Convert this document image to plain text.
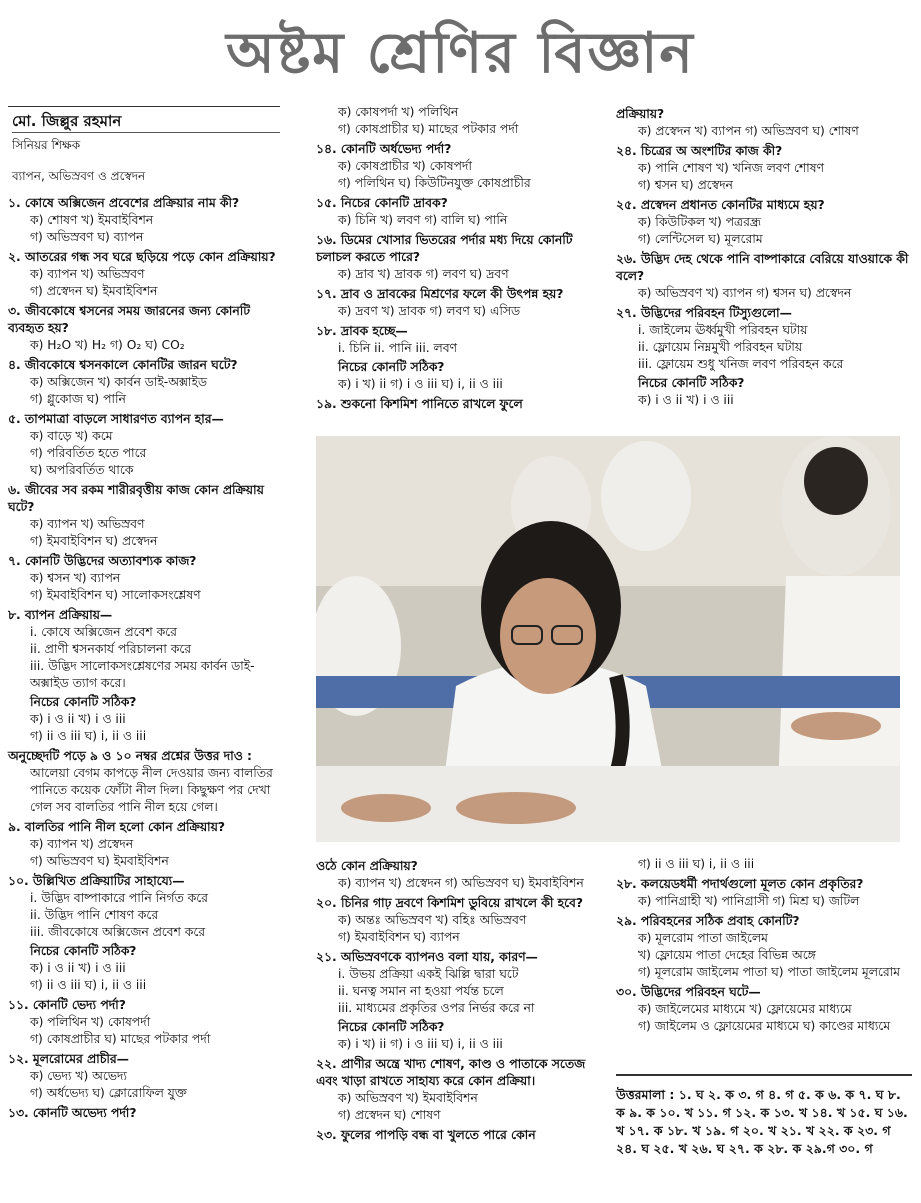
অষ্টম শ্রেণির বিজ্ঞান
মো. জিল্লুর রহমান
সিনিয়র শিক্ষক
ব্যাপন, অভিস্রবণ ও প্রস্বেদন
১. কোষে অক্সিজেন প্রবেশের প্রক্রিয়ার নাম কী?
ক) শোষণ খ) ইমবাইবিশন
গ) অভিস্রবণ ঘ) ব্যাপন
২. আতরের গন্ধ সব ঘরে ছড়িয়ে পড়ে কোন প্রক্রিয়ায়?
ক) ব্যাপন খ) অভিস্রবণ
গ) প্রস্বেদন ঘ) ইমবাইবিশন
৩. জীবকোষে শ্বসনের সময় জারনের জন্য কোনটি ব্যবহৃত হয়?
ক) H₂O খ) H₂ গ) O₂ ঘ) CO₂
৪. জীবকোষে শ্বসনকালে কোনটির জারন ঘটে?
ক) অক্সিজেন খ) কার্বন ডাই-অক্সাইড
গ) গ্লুকোজ ঘ) পানি
৫. তাপমাত্রা বাড়লে সাধারণত ব্যাপন হার—
ক) বাড়ে খ) কমে
গ) পরিবর্তিত হতে পারে
ঘ) অপরিবর্তিত থাকে
৬. জীবের সব রকম শারীরবৃত্তীয় কাজ কোন প্রক্রিয়ায় ঘটে?
ক) ব্যাপন খ) অভিস্রবণ
গ) ইমবাইবিশন ঘ) প্রস্বেদন
৭. কোনটি উদ্ভিদের অত্যাবশ্যক কাজ?
ক) শ্বসন খ) ব্যাপন
গ) ইমবাইবিশন ঘ) সালোকসংশ্লেষণ
৮. ব্যাপন প্রক্রিয়ায়—
i. কোষে অক্সিজেন প্রবেশ করে
ii. প্রাণী শ্বসনকার্য পরিচালনা করে
iii. উদ্ভিদ সালোকসংশ্লেষণের সময় কার্বন ডাই-অক্সাইড ত্যাগ করে।
নিচের কোনটি সঠিক?
ক) i ও ii খ) i ও iii
গ) ii ও iii ঘ) i, ii ও iii
অনুচ্ছেদটি পড়ে ৯ ও ১০ নম্বর প্রশ্নের উত্তর দাও :
আলেয়া বেগম কাপড়ে নীল দেওয়ার জন্য বালতির পানিতে কয়েক ফোঁটা নীল দিল। কিছুক্ষণ পর দেখা গেল সব বালতির পানি নীল হয়ে গেল।
৯. বালতির পানি নীল হলো কোন প্রক্রিয়ায়?
ক) ব্যাপন খ) প্রস্বেদন
গ) অভিস্রবণ ঘ) ইমবাইবিশন
১০. উল্লিখিত প্রক্রিয়াটির সাহায্যে—
i. উদ্ভিদ বাষ্পাকারে পানি নির্গত করে
ii. উদ্ভিদ পানি শোষণ করে
iii. জীবকোষে অক্সিজেন প্রবেশ করে
নিচের কোনটি সঠিক?
ক) i ও ii খ) i ও iii
গ) ii ও iii ঘ) i, ii ও iii
১১. কোনটি ভেদ্য পর্দা?
ক) পলিথিন খ) কোষপর্দা
গ) কোষপ্রাচীর ঘ) মাছের পটকার পর্দা
১২. মূলরোমের প্রাচীর—
ক) ভেদ্য খ) অভেদ্য
গ) অর্ধভেদ্য ঘ) ক্লোরোফিল যুক্ত
১৩. কোনটি অভেদ্য পর্দা?
ক) কোষপর্দা খ) পলিথিন
গ) কোষপ্রাচীর ঘ) মাছের পটকার পর্দা
১৪. কোনটি অর্ধভেদ্য পর্দা?
ক) কোষপ্রাচীর খ) কোষপর্দা
গ) পলিথিন ঘ) কিউটিনযুক্ত কোষপ্রাচীর
১৫. নিচের কোনটি দ্রাবক?
ক) চিনি খ) লবণ গ) বালি ঘ) পানি
১৬. ডিমের খোসার ভিতরের পর্দার মধ্য দিয়ে কোনটি চলাচল করতে পারে?
ক) দ্রাব খ) দ্রাবক গ) লবণ ঘ) দ্রবণ
১৭. দ্রাব ও দ্রাবকের মিশ্রণের ফলে কী উৎপন্ন হয়?
ক) দ্রবণ খ) দ্রাবক গ) লবণ ঘ) এসিড
১৮. দ্রাবক হচ্ছে—
i. চিনি ii. পানি iii. লবণ
নিচের কোনটি সঠিক?
ক) i খ) ii গ) i ও iii ঘ) i, ii ও iii
১৯. শুকনো কিশমিশ পানিতে রাখলে ফুলে
প্রক্রিয়ায়?
ক) প্রস্বেদন খ) ব্যাপন গ) অভিস্রবণ ঘ) শোষণ
২৪. চিত্রের অ অংশটির কাজ কী?
ক) পানি শোষণ খ) খনিজ লবণ শোষণ
গ) শ্বসন ঘ) প্রস্বেদন
২৫. প্রস্বেদন প্রধানত কোনটির মাধ্যমে হয়?
ক) কিউটিকল খ) পত্ররন্ধ্র
গ) লেন্টিসেল ঘ) মূলরোম
২৬. উদ্ভিদ দেহ থেকে পানি বাষ্পাকারে বেরিয়ে যাওয়াকে কী বলে?
ক) অভিস্রবণ খ) ব্যাপন গ) শ্বসন ঘ) প্রস্বেদন
২৭. উদ্ভিদের পরিবহন টিস্যুগুলো—
i. জাইলেম ঊর্ধ্বমুখী পরিবহন ঘটায়
ii. ফ্লোয়েম নিম্নমুখী পরিবহন ঘটায়
iii. ফ্লোয়েম শুধু খনিজ লবণ পরিবহন করে
নিচের কোনটি সঠিক?
ক) i ও ii খ) i ও iii
ওঠে কোন প্রক্রিয়ায়?
ক) ব্যাপন খ) প্রস্বেদন গ) অভিস্রবণ ঘ) ইমবাইবিশন
২০. চিনির গাঢ় দ্রবণে কিশমিশ ডুবিয়ে রাখলে কী হবে?
ক) অন্তঃ অভিস্রবণ খ) বহিঃ অভিস্রবণ
গ) ইমবাইবিশন ঘ) ব্যাপন
২১. অভিস্রবণকে ব্যাপনও বলা যায়, কারণ—
i. উভয় প্রক্রিয়া একই ঝিল্লি দ্বারা ঘটে
ii. ঘনত্ব সমান না হওয়া পর্যন্ত চলে
iii. মাধ্যমের প্রকৃতির ওপর নির্ভর করে না
নিচের কোনটি সঠিক?
ক) i খ) ii গ) i ও iii ঘ) i, ii ও iii
২২. প্রাণীর অন্ত্রে খাদ্য শোষণ, কাণ্ড ও পাতাকে সতেজ এবং খাড়া রাখতে সাহায্য করে কোন প্রক্রিয়া।
ক) অভিস্রবণ খ) ইমবাইবিশন
গ) প্রস্বেদন ঘ) শোষণ
২৩. ফুলের পাপড়ি বন্ধ বা খুলতে পারে কোন
গ) ii ও iii ঘ) i, ii ও iii
২৮. কলয়েডধর্মী পদার্থগুলো মূলত কোন প্রকৃতির?
ক) পানিগ্রাহী খ) পানিগ্রাসী গ) মিশ্র ঘ) জটিল
২৯. পরিবহনের সঠিক প্রবাহ কোনটি?
ক) মূলরোম পাতা জাইলেম
খ) ফ্লোয়েম পাতা দেহের বিভিন্ন অঙ্গে
গ) মূলরোম জাইলেম পাতা ঘ) পাতা জাইলেম মূলরোম
৩০. উদ্ভিদের পরিবহন ঘটে—
ক) জাইলেমের মাধ্যমে খ) ফ্লোয়েমের মাধ্যমে
গ) জাইলেম ও ফ্লোয়েমের মাধ্যমে ঘ) কাণ্ডের মাধ্যমে
উত্তরমালা : ১. ঘ ২. ক ৩. গ ৪. গ ৫. ক ৬. ক ৭. ঘ ৮. ক ৯. ক ১০. খ ১১. গ ১২. ক ১৩. খ ১৪. খ ১৫. ঘ ১৬. খ ১৭. ক ১৮. খ ১৯. গ ২০. খ ২১. খ ২২. ক ২৩. গ ২৪. ঘ ২৫. খ ২৬. ঘ ২৭. ক ২৮. ক ২৯.গ ৩০. গ
